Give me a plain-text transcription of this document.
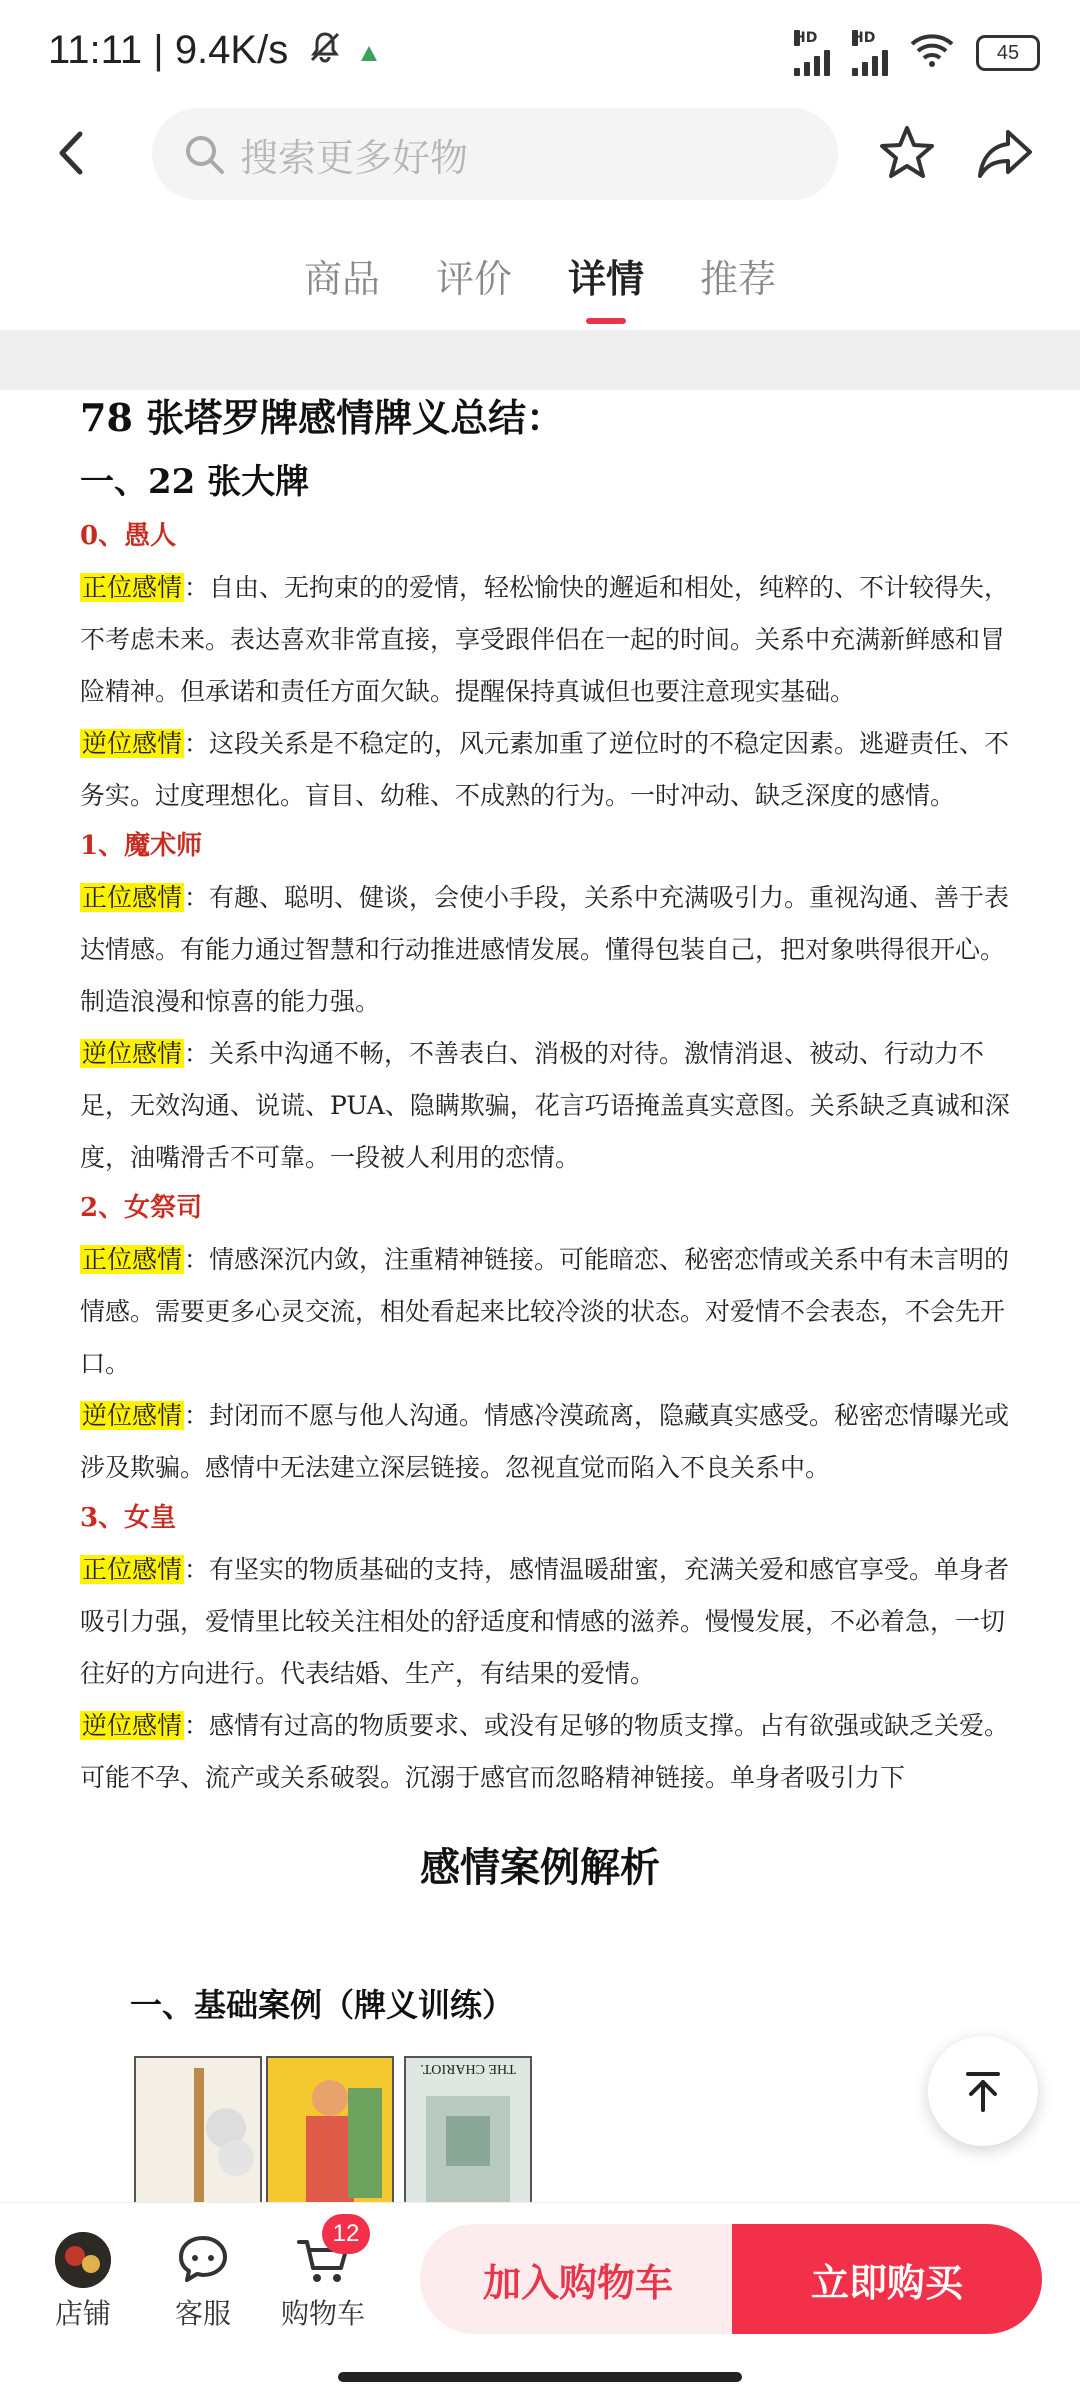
11:11 | 9.4K/s	HD HD
45
搜索更多好物
商品 评价 详情 推荐
78 张塔罗牌感情牌义总结：
一、22 张大牌
0、愚人

正位感情：自由、无拘束的的爱情，轻松愉快的邂逅和相处，纯粹的、不计较得失，不考虑未来。表达喜欢非常直接，享受跟伴侣在一起的时间。关系中充满新鲜感和冒险精神。但承诺和责任方面欠缺。提醒保持真诚但也要注意现实基础。

逆位感情：这段关系是不稳定的，风元素加重了逆位时的不稳定因素。逃避责任、不务实。过度理想化。盲目、幼稚、不成熟的行为。一时冲动、缺乏深度的感情。

1、魔术师

正位感情：有趣、聪明、健谈，会使小手段，关系中充满吸引力。重视沟通、善于表达情感。有能力通过智慧和行动推进感情发展。懂得包装自己，把对象哄得很开心。制造浪漫和惊喜的能力强。

逆位感情：关系中沟通不畅，不善表白、消极的对待。激情消退、被动、行动力不足，无效沟通、说谎、PUA、隐瞒欺骗，花言巧语掩盖真实意图。关系缺乏真诚和深度，油嘴滑舌不可靠。一段被人利用的恋情。

2、女祭司

正位感情：情感深沉内敛，注重精神链接。可能暗恋、秘密恋情或关系中有未言明的情感。需要更多心灵交流，相处看起来比较冷淡的状态。对爱情不会表态，不会先开口。

逆位感情：封闭而不愿与他人沟通。情感冷漠疏离，隐藏真实感受。秘密恋情曝光或涉及欺骗。感情中无法建立深层链接。忽视直觉而陷入不良关系中。

3、女皇

正位感情：有坚实的物质基础的支持，感情温暖甜蜜，充满关爱和感官享受。单身者吸引力强，爱情里比较关注相处的舒适度和情感的滋养。慢慢发展，不必着急，一切往好的方向进行。代表结婚、生产，有结果的爱情。

逆位感情：感情有过高的物质要求、或没有足够的物质支撑。占有欲强或缺乏关爱。可能不孕、流产或关系破裂。沉溺于感官而忽略精神链接。单身者吸引力下

感情案例解析
一、基础案例（牌义训练）
THE CHARIOT.
店铺	客服	购物车
12
加入购物车	立即购买
